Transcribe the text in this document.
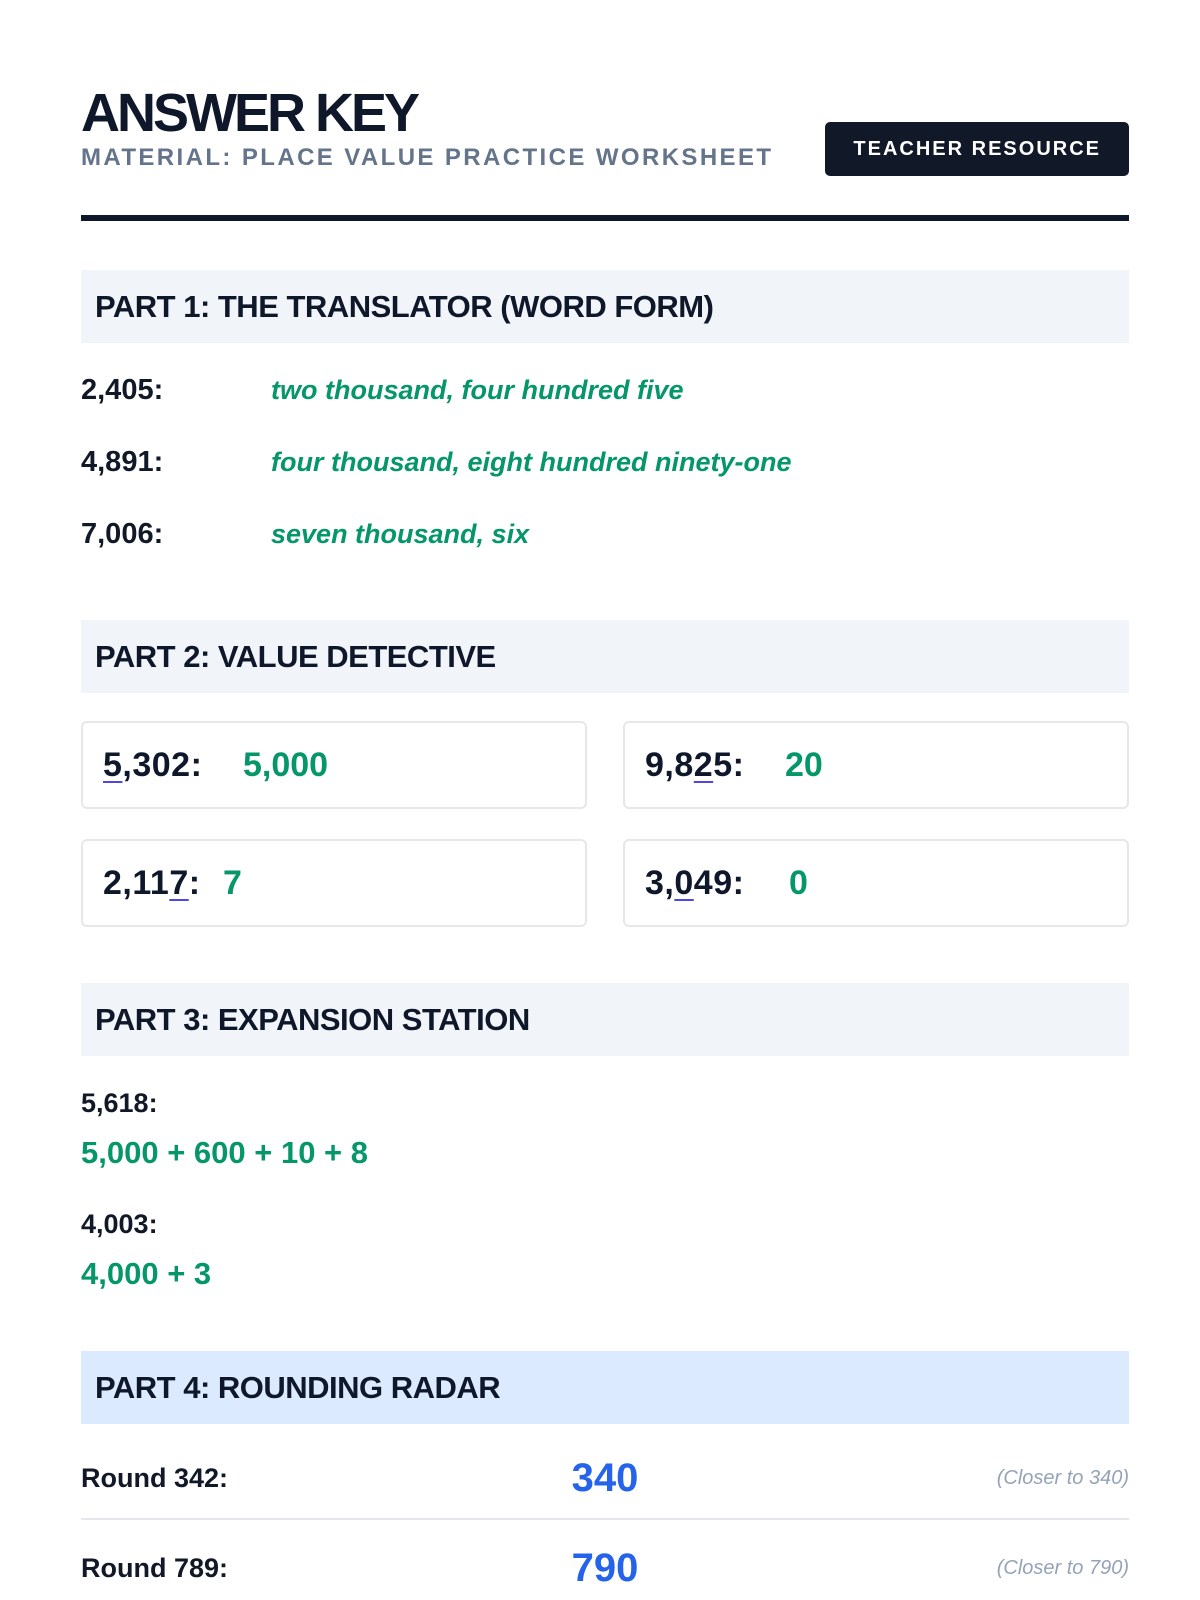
ANSWER KEY
MATERIAL: PLACE VALUE PRACTICE WORKSHEET	TEACHER RESOURCE
PART 1: THE TRANSLATOR (WORD FORM)
2,405:	two thousand, four hundred five
4,891:	four thousand, eight hundred ninety-one
7,006:	seven thousand, six
PART 2: VALUE DETECTIVE
5,302: 5,000	9,825: 20
2,117: 7	3,049: 0
PART 3: EXPANSION STATION
5,618:
5,000 + 600 + 10 + 8
4,003:
4,000 + 3
PART 4: ROUNDING RADAR
Round 342:	340	(Closer to 340)
Round 789:	790	(Closer to 790)
